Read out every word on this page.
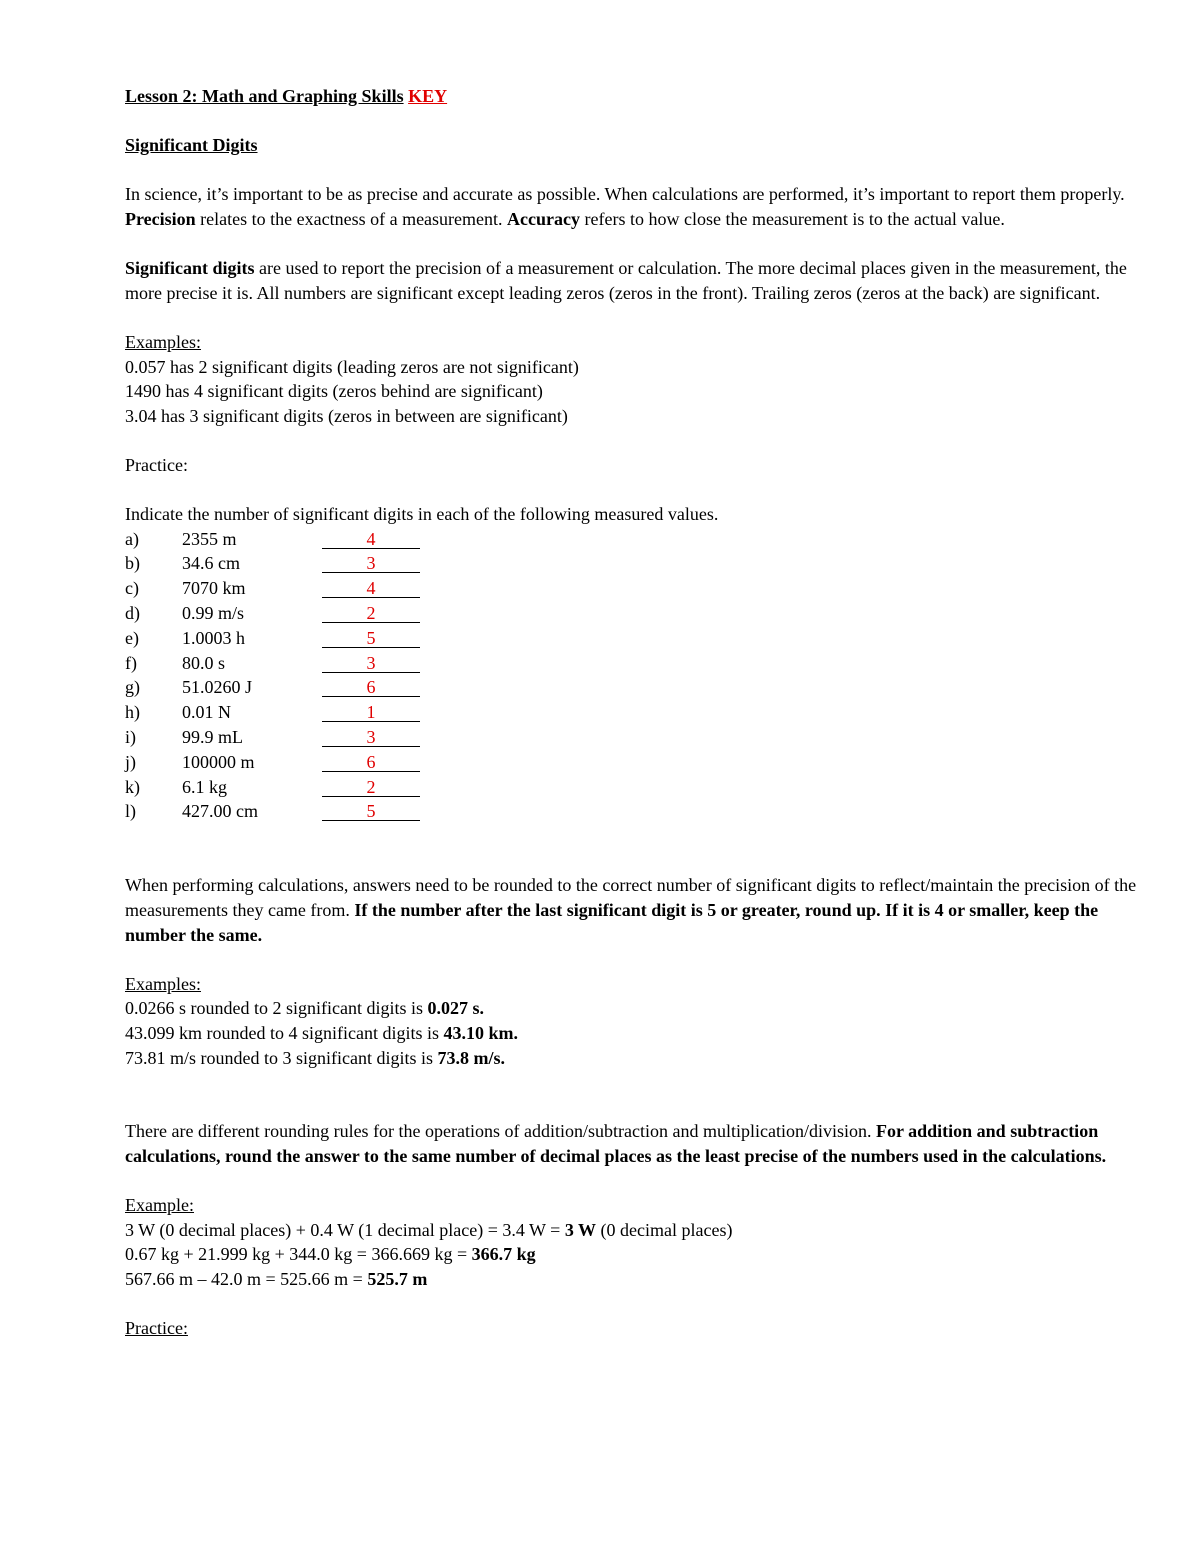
Lesson 2: Math and Graphing Skills KEY

Significant Digits

In science, it’s important to be as precise and accurate as possible. When calculations are performed, it’s important to report them properly. Precision relates to the exactness of a measurement. Accuracy refers to how close the measurement is to the actual value.

Significant digits are used to report the precision of a measurement or calculation. The more decimal places given in the measurement, the more precise it is. All numbers are significant except leading zeros (zeros in the front). Trailing zeros (zeros at the back) are significant.

Examples:

0.057 has 2 significant digits (leading zeros are not significant)

1490 has 4 significant digits (zeros behind are significant)

3.04 has 3 significant digits (zeros in between are significant)

Practice:

Indicate the number of significant digits in each of the following measured values.

a)	2355 m	4
b)	34.6 cm	3
c)	7070 km	4
d)	0.99 m/s	2
e)	1.0003 h	5
f)	80.0 s	3
g)	51.0260 J	6
h)	0.01 N	1
i)	99.9 mL	3
j)	100000 m	6
k)	6.1 kg	2
l)	427.00 cm	5

When performing calculations, answers need to be rounded to the correct number of significant digits to reflect/maintain the precision of the measurements they came from. If the number after the last significant digit is 5 or greater, round up. If it is 4 or smaller, keep the number the same.

Examples:

0.0266 s rounded to 2 significant digits is 0.027 s.

43.099 km rounded to 4 significant digits is 43.10 km.

73.81 m/s rounded to 3 significant digits is 73.8 m/s.

There are different rounding rules for the operations of addition/subtraction and multiplication/division. For addition and subtraction calculations, round the answer to the same number of decimal places as the least precise of the numbers used in the calculations.

Example:

3 W (0 decimal places) + 0.4 W (1 decimal place) = 3.4 W = 3 W (0 decimal places)

0.67 kg + 21.999 kg + 344.0 kg = 366.669 kg = 366.7 kg

567.66 m – 42.0 m = 525.66 m = 525.7 m

Practice:
